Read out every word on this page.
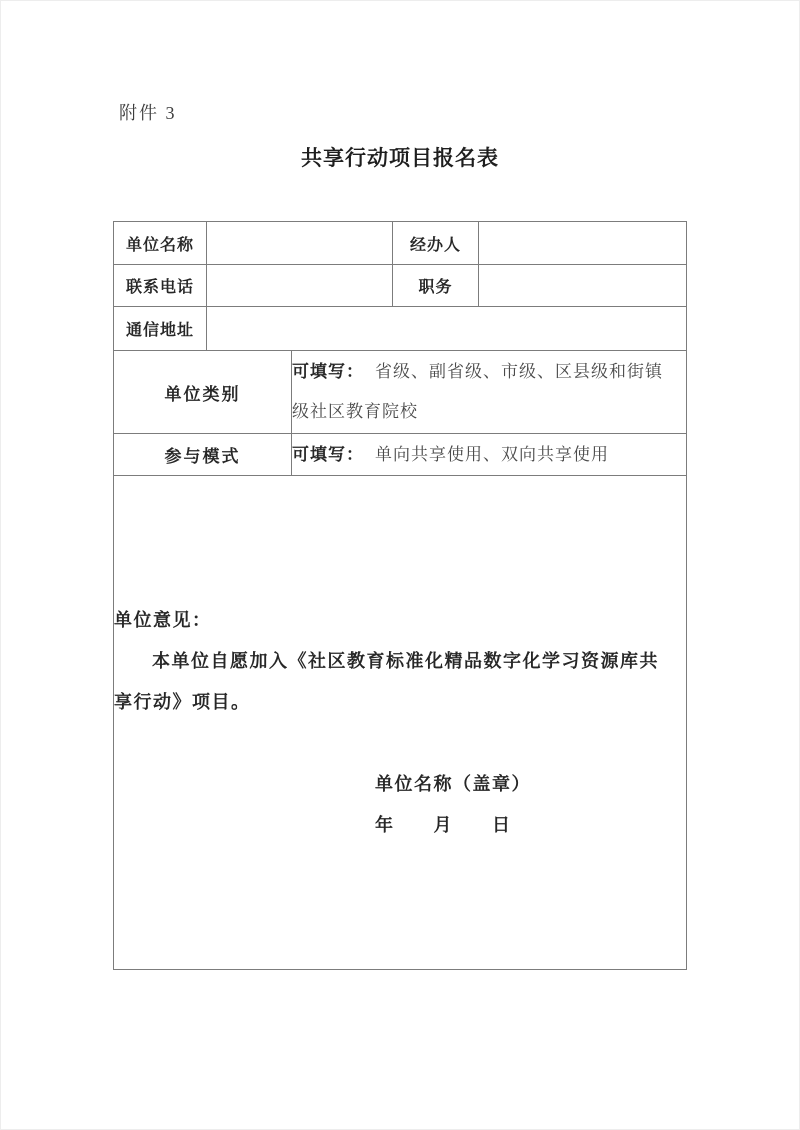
附件 3
共享行动项目报名表
单位名称			经办人	
联系电话			职务	
通信地址				
单位类别		可填写： 省级、副省级、市级、区县级和街镇
级社区教育院校		

参与模式		可填写： 单向共享使用、双向共享使用		

单位意见：
本单位自愿加入《社区教育标准化精品数字化学习资源库共
享行动》项目。
单位名称（盖章）
年　　月　　日				
